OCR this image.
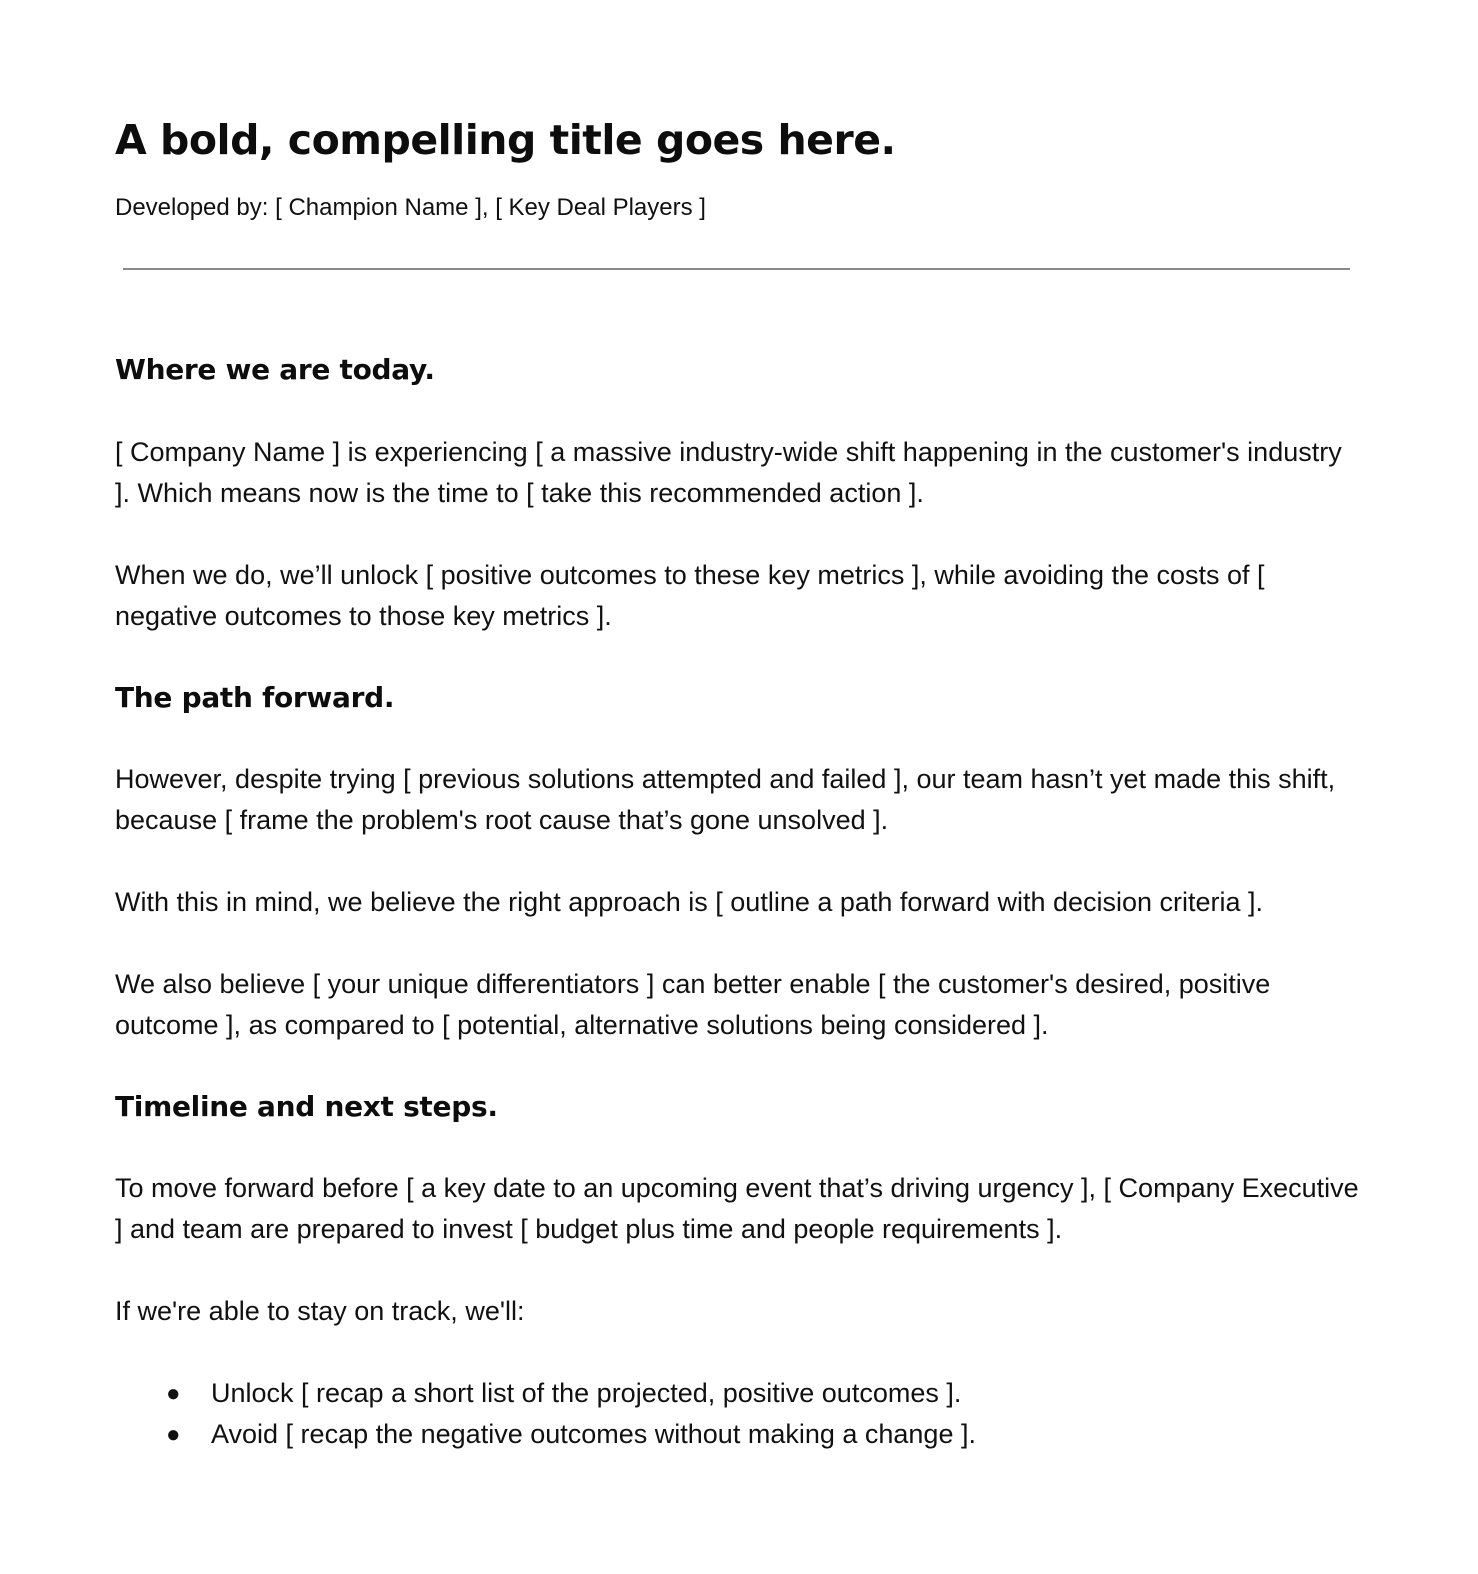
A bold, compelling title goes here.

Developed by: [ Champion Name ], [ Key Deal Players ]

Where we are today.

[ Company Name ] is experiencing [ a massive industry-wide shift happening in the customer's industry ]. Which means now is the time to [ take this recommended action ].

When we do, we’ll unlock [ positive outcomes to these key metrics ], while avoiding the costs of [ negative outcomes to those key metrics ].

The path forward.

However, despite trying [ previous solutions attempted and failed ], our team hasn’t yet made this shift, because [ frame the problem's root cause that’s gone unsolved ].

With this in mind, we believe the right approach is [ outline a path forward with decision criteria ].

We also believe [ your unique differentiators ] can better enable [ the customer's desired, positive outcome ], as compared to [ potential, alternative solutions being considered ].

Timeline and next steps.

To move forward before [ a key date to an upcoming event that’s driving urgency ], [ Company Executive ] and team are prepared to invest [ budget plus time and people requirements ].

If we're able to stay on track, we'll:

● Unlock [ recap a short list of the projected, positive outcomes ].
● Avoid [ recap the negative outcomes without making a change ].
